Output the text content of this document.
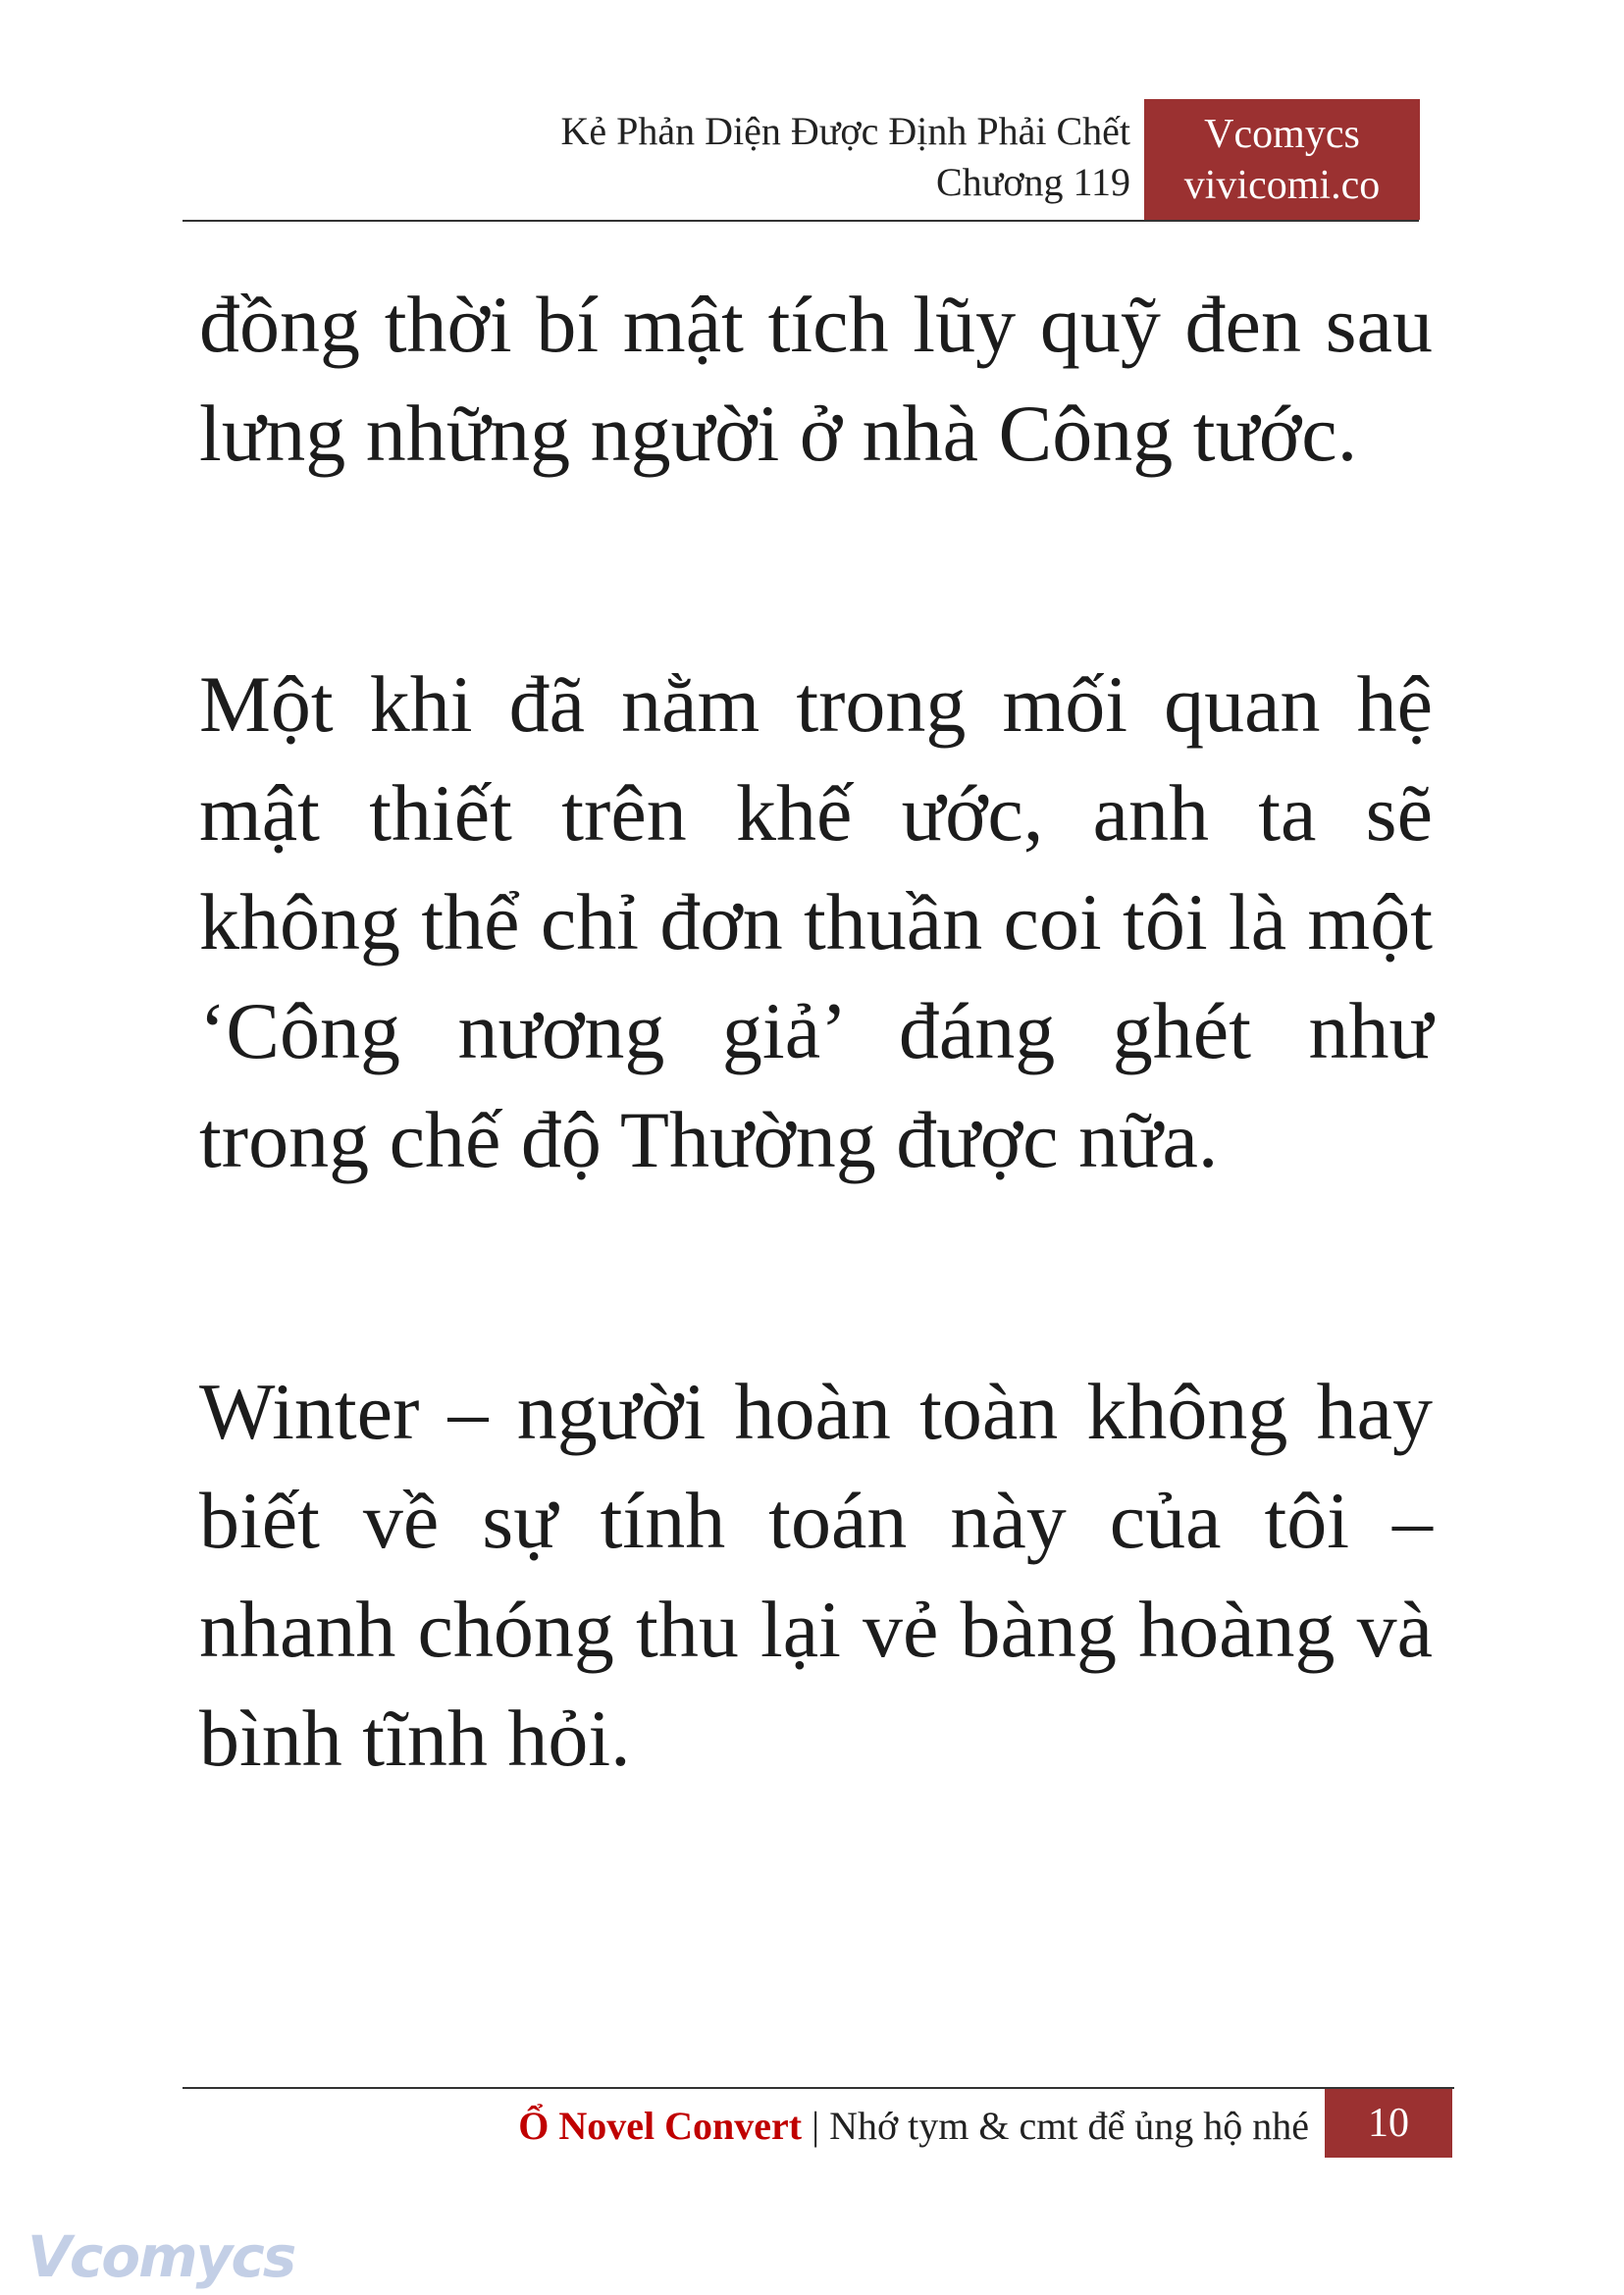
Kẻ Phản Diện Được Định Phải Chết
Chương 119
Vcomycs
vivicomi.co
đồng thời bí mật tích lũy quỹ đen sau lưng những người ở nhà Công tước.
Một khi đã nằm trong mối quan hệ mật thiết trên khế ước, anh ta sẽ không thể chỉ đơn thuần coi tôi là một ‘Công nương giả’ đáng ghét như trong chế độ Thường được nữa.
Winter – người hoàn toàn không hay biết về sự tính toán này của tôi – nhanh chóng thu lại vẻ bàng hoàng và bình tĩnh hỏi.
Ổ Novel Convert | Nhớ tym & cmt để ủng hộ nhé	10
Vcomycs
